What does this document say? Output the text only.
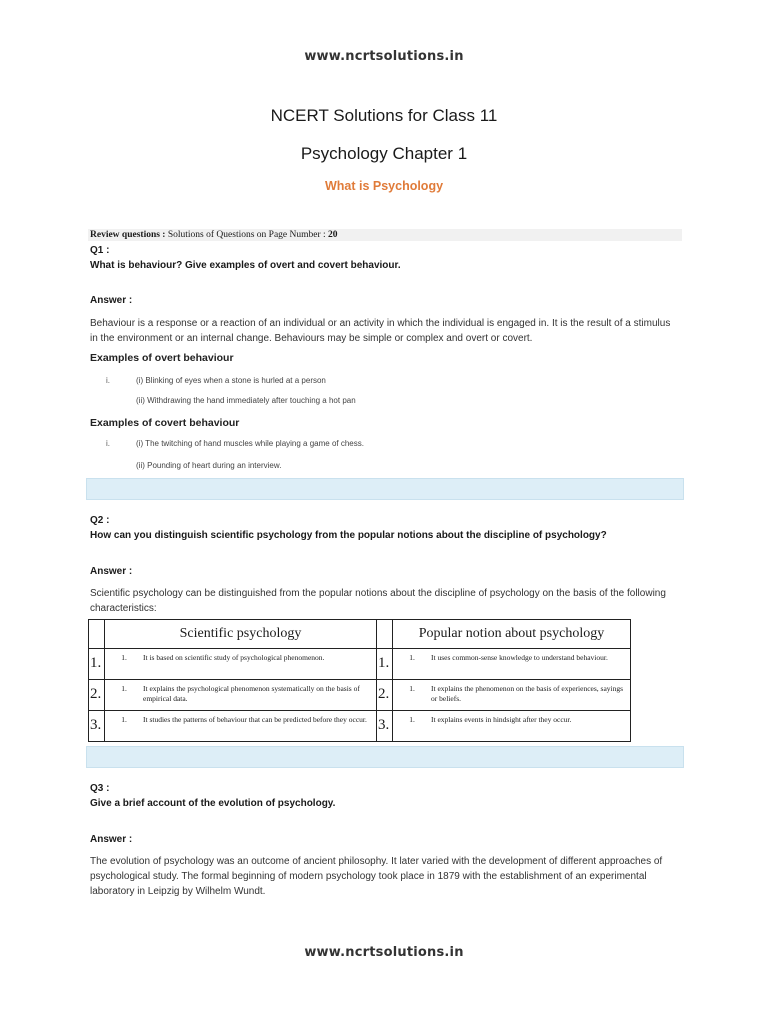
www.ncrtsolutions.in
NCERT Solutions for Class 11
Psychology Chapter 1
What is Psychology
Review questions : Solutions of Questions on Page Number : 20
Q1 :
What is behaviour? Give examples of overt and covert behaviour.
Answer :
Behaviour is a response or a reaction of an individual or an activity in which the individual is engaged in. It is the result of a stimulus
in the environment or an internal change. Behaviours may be simple or complex and overt or covert.
Examples of overt behaviour
i.	(i) Blinking of eyes when a stone is hurled at a person
(ii) Withdrawing the hand immediately after touching a hot pan
Examples of covert behaviour
i.	(i) The twitching of hand muscles while playing a game of chess.
(ii) Pounding of heart during an interview.
Q2 :
How can you distinguish scientific psychology from the popular notions about the discipline of psychology?
Answer :
Scientific psychology can be distinguished from the popular notions about the discipline of psychology on the basis of the following
characteristics:
	Scientific psychology		Popular notion about psychology
1.	1. It is based on scientific study of psychological phenomenon.	1.	1. It uses common-sense knowledge to understand behaviour.

2.	1. It explains the psychological phenomenon systematically on the basis of empirical data.	2.	1. It explains the phenomenon on the basis of experiences, sayings or beliefs.

3.	1. It studies the patterns of behaviour that can be predicted before they occur.	3.	1. It explains events in hindsight after they occur.
Q3 :
Give a brief account of the evolution of psychology.
Answer :
The evolution of psychology was an outcome of ancient philosophy. It later varied with the development of different approaches of
psychological study. The formal beginning of modern psychology took place in 1879 with the establishment of an experimental
laboratory in Leipzig by Wilhelm Wundt.
www.ncrtsolutions.in
